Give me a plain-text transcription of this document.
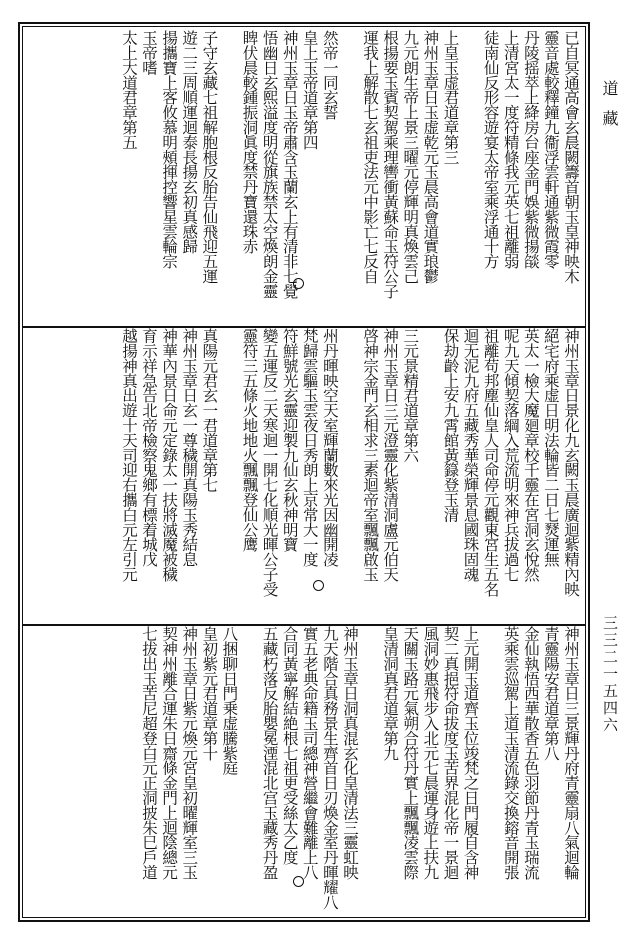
已自冥通高會玄晨闕籌首朝玉皇神映木
靈音處較釋鐘九衞浮雲軒通紫微霞零
丹陵摇萃上絳房台座金門娛紫微揚燄
上清宮太一度符精條我元英七祖離弱
徒南仙反形容遊宴太帝室乘浮通十方
上皇玉虚君道章第三
神州玉章日玉虚乾元玉晨高會道實琅鬱
九元朗生帝上景三曜元停輝明真煥雲己
根揚要玉賓契駕乘理轡衝黃蘇命玉符公子
運我上解散七玄祖吏法元中影亡七反自
然帝一同玄誓
皇上玉帝道章第四
神州玉章日玉帝肅含玉蘭玄上有清非七覺
悟幽日玄熙溢度明從旗族禁太空煥朗金靈
睥伏晨較鍾振洞眞度禁丹寶還珠赤
子守玄藏七祖解胞根反胎告仙飛迎五運
遊二三周順運迴泰長揚玄初真感歸
揚攜寶上客攸慕明頰揮控響星雲輪宗
玉帝嗜
太上大道君章第五
神州玉章日景化九玄闕玉晨廣迴紫精內映
絕宅府乘虚日明法輪皆二日七燹運無
英太一檢大魔廻章校千靈在宮洞玄悅然
呢九天傾契落綱入荒流明來神兵拔過七
祖離苟邦塵仙皇人司命停元觀東宮生五名
迴无泥九府五藏秀華榮輝景息國珠固魂
保劫齡上安九霄館黃籙登玉清
三元景精君道章第六
神州玉章日三元澄靈化紫清洞盧元伯天
啓神宗金門玄相求三素迴帝室飄飄啟玉
州丹暉映空天室輝蘭數來光因幽開凌
梵歸雲驅玉雲夜日秀朗上京常大一度
符鮮號光玄靈迎製九仙玄秋神明寶
變五運反二天寒迴一開七化順光暉公子受
靈符三五條火地地火飄飄登仙公鹰
真陽元君玄一君道章第七
神州玉章日玄一尊穢開真陽玉秀結息
神華內景日命元定錄太一扶將滅魔被穢
育示祥急告北帝檢察鬼鄉有標着城戊
越揚神真出遊十天司迎右攜白元左引元
神州玉章日三景輝丹府青靈扇八氣迴輪
青靈陽安君道章第八
金仙執悟西華散香五色羽節丹青玉瑞流
英乘雲巡駕上道玉清流錄交換鎔音開張
上元開玉道齊玉位竣梵之日門履自含神
契二真挹符命拔度玉苦界混化帝一景迴
風洞妙惠飛步入北元七晨運身遊上扶九
天關玉路元氣朔合符丹實上飄飄凌雲際
皇清洞真君道章第九
神州玉章日洞真混玄化皇清法三靈虹映
九天階合真務景生齊首日刃煥金室丹暉耀八
實五老典命籍玉司總神營繼會難離上八
合同黃寧解結絶根七祖更受絲太乙度
五藏朽落反胎嬰冕湮混北宫玉藏秀丹盈
八捆聊日門乗虚騰紫庭
皇初紫元君道章第十
神州玉章日紫元煥元宮皇初曜輝室三玉
契神州離合運朱日齋條金門上迴陰總元
七拔出玉苦尼超登白元正洞披朱巳戶道
道藏
三三二一五四六
